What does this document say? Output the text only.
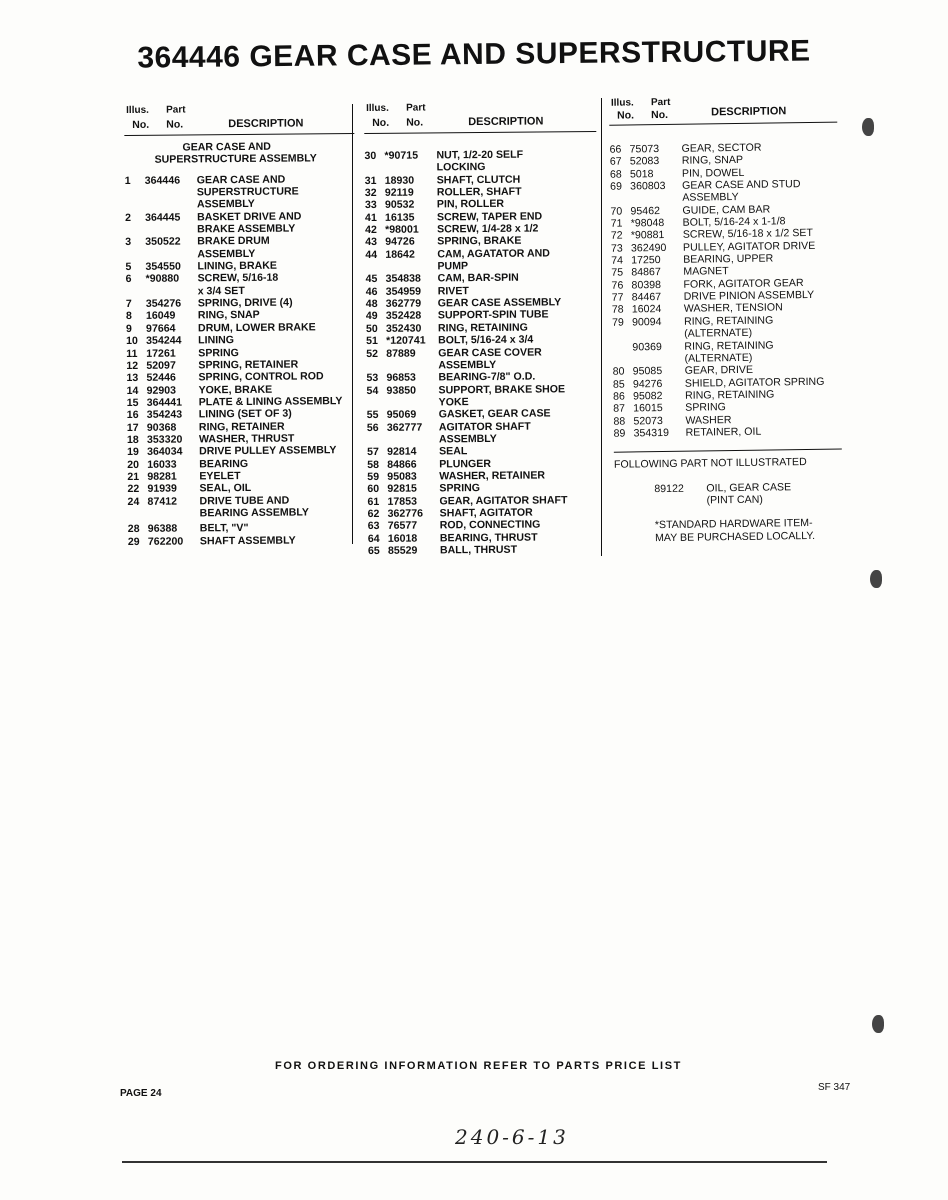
364446 GEAR CASE AND SUPERSTRUCTURE
Illus.
No.
Part
No.	DESCRIPTION
GEAR CASE AND
SUPERSTRUCTURE ASSEMBLY
1	364446	GEAR CASE AND
SUPERSTRUCTURE
ASSEMBLY
2	364445	BASKET DRIVE AND
BRAKE ASSEMBLY
3	350522	BRAKE DRUM
ASSEMBLY
5	354550	LINING, BRAKE
6	*90880	SCREW, 5/16-18
x 3/4 SET
7	354276	SPRING, DRIVE (4)
8	16049	RING, SNAP
9	97664	DRUM, LOWER BRAKE
10 354244	LINING
11 17261	SPRING
12 52097	SPRING, RETAINER
13 52446	SPRING, CONTROL ROD
14 92903	YOKE, BRAKE
15 364441	PLATE & LINING ASSEMBLY
16 354243	LINING (SET OF 3)
17 90368	RING, RETAINER
18 353320	WASHER, THRUST
19 364034	DRIVE PULLEY ASSEMBLY
20 16033	BEARING
21 98281	EYELET
22 91939	SEAL, OIL
24 87412	DRIVE TUBE AND
BEARING ASSEMBLY
28 96388	BELT, "V"
29 762200	SHAFT ASSEMBLY
Illus.
No.
Part
No.	DESCRIPTION
30 *90715	NUT, 1/2-20 SELF
LOCKING
31 18930	SHAFT, CLUTCH
32 92119	ROLLER, SHAFT
33 90532	PIN, ROLLER
41 16135	SCREW, TAPER END
42 *98001	SCREW, 1/4-28 x 1/2
43 94726	SPRING, BRAKE
44 18642	CAM, AGATATOR AND
PUMP
45 354838	CAM, BAR-SPIN
46 354959	RIVET
48 362779	GEAR CASE ASSEMBLY
49 352428	SUPPORT-SPIN TUBE
50 352430	RING, RETAINING
51 *120741	BOLT, 5/16-24 x 3/4
52 87889	GEAR CASE COVER
ASSEMBLY
53 96853	BEARING-7/8" O.D.
54 93850	SUPPORT, BRAKE SHOE
YOKE
55 95069	GASKET, GEAR CASE
56 362777	AGITATOR SHAFT
ASSEMBLY
57 92814	SEAL
58 84866	PLUNGER
59 95083	WASHER, RETAINER
60 92815	SPRING
61 17853	GEAR, AGITATOR SHAFT
62 362776	SHAFT, AGITATOR
63 76577	ROD, CONNECTING
64 16018	BEARING, THRUST
65 85529	BALL, THRUST
Illus.
No.
Part
No.	DESCRIPTION
66 75073	GEAR, SECTOR
67 52083	RING, SNAP
68 5018	PIN, DOWEL
69 360803	GEAR CASE AND STUD
ASSEMBLY
70 95462	GUIDE, CAM BAR
71 *98048	BOLT, 5/16-24 x 1-1/8
72 *90881	SCREW, 5/16-18 x 1/2 SET
73 362490	PULLEY, AGITATOR DRIVE
74 17250	BEARING, UPPER
75 84867	MAGNET
76 80398	FORK, AGITATOR GEAR
77 84467	DRIVE PINION ASSEMBLY
78 16024	WASHER, TENSION
79 90094	RING, RETAINING
(ALTERNATE)
90369	RING, RETAINING
(ALTERNATE)
80 95085	GEAR, DRIVE
85 94276	SHIELD, AGITATOR SPRING
86 95082	RING, RETAINING
87 16015	SPRING
88 52073	WASHER
89 354319	RETAINER, OIL
FOLLOWING PART NOT ILLUSTRATED
89122	OIL, GEAR CASE
(PINT CAN)
*STANDARD HARDWARE ITEM-
MAY BE PURCHASED LOCALLY.
FOR ORDERING INFORMATION REFER TO PARTS PRICE LIST
PAGE 24
SF 347
240-6-13
